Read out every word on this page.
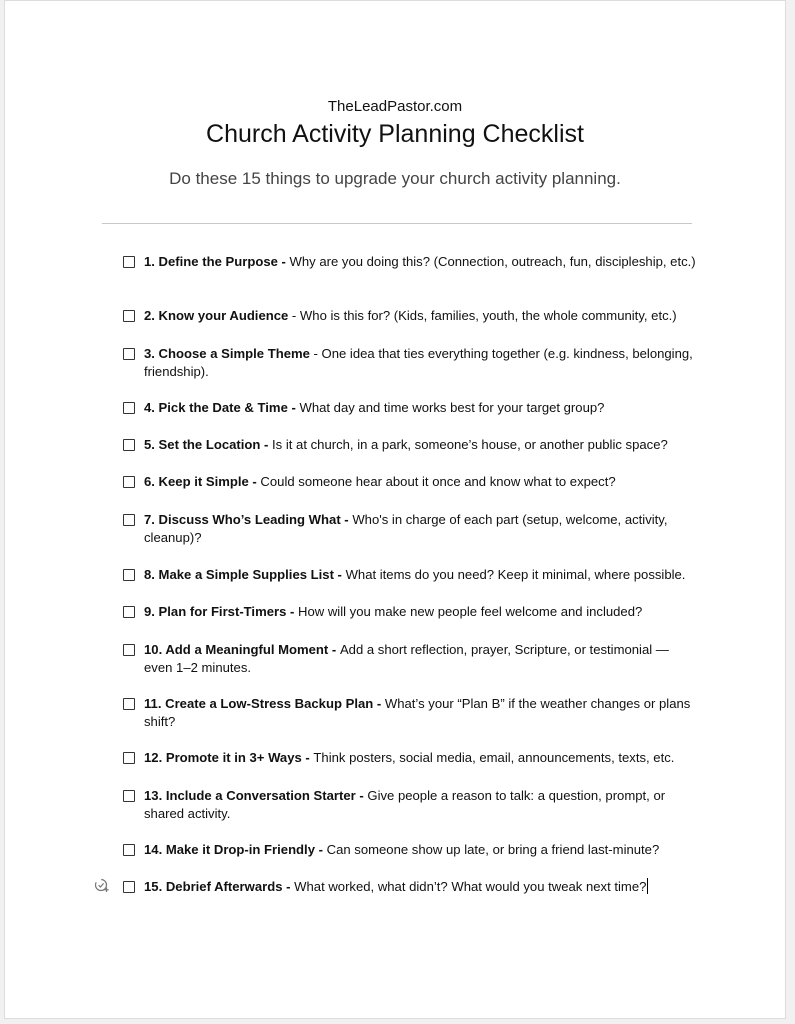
TheLeadPastor.com
Church Activity Planning Checklist
Do these 15 things to upgrade your church activity planning.
1. Define the Purpose - Why are you doing this? (Connection, outreach, fun, discipleship, etc.)
2. Know your Audience - Who is this for? (Kids, families, youth, the whole community, etc.)
3. Choose a Simple Theme - One idea that ties everything together (e.g. kindness, belonging, friendship).
4. Pick the Date & Time - What day and time works best for your target group?
5. Set the Location - Is it at church, in a park, someone’s house, or another public space?
6. Keep it Simple - Could someone hear about it once and know what to expect?
7. Discuss Who’s Leading What - Who's in charge of each part (setup, welcome, activity, cleanup)?
8. Make a Simple Supplies List - What items do you need? Keep it minimal, where possible.
9. Plan for First-Timers - How will you make new people feel welcome and included?
10. Add a Meaningful Moment - Add a short reflection, prayer, Scripture, or testimonial — even 1–2 minutes.
11. Create a Low-Stress Backup Plan - What’s your “Plan B” if the weather changes or plans shift?
12. Promote it in 3+ Ways - Think posters, social media, email, announcements, texts, etc.
13. Include a Conversation Starter - Give people a reason to talk: a question, prompt, or shared activity.
14. Make it Drop-in Friendly - Can someone show up late, or bring a friend last-minute?
15. Debrief Afterwards - What worked, what didn’t? What would you tweak next time?
